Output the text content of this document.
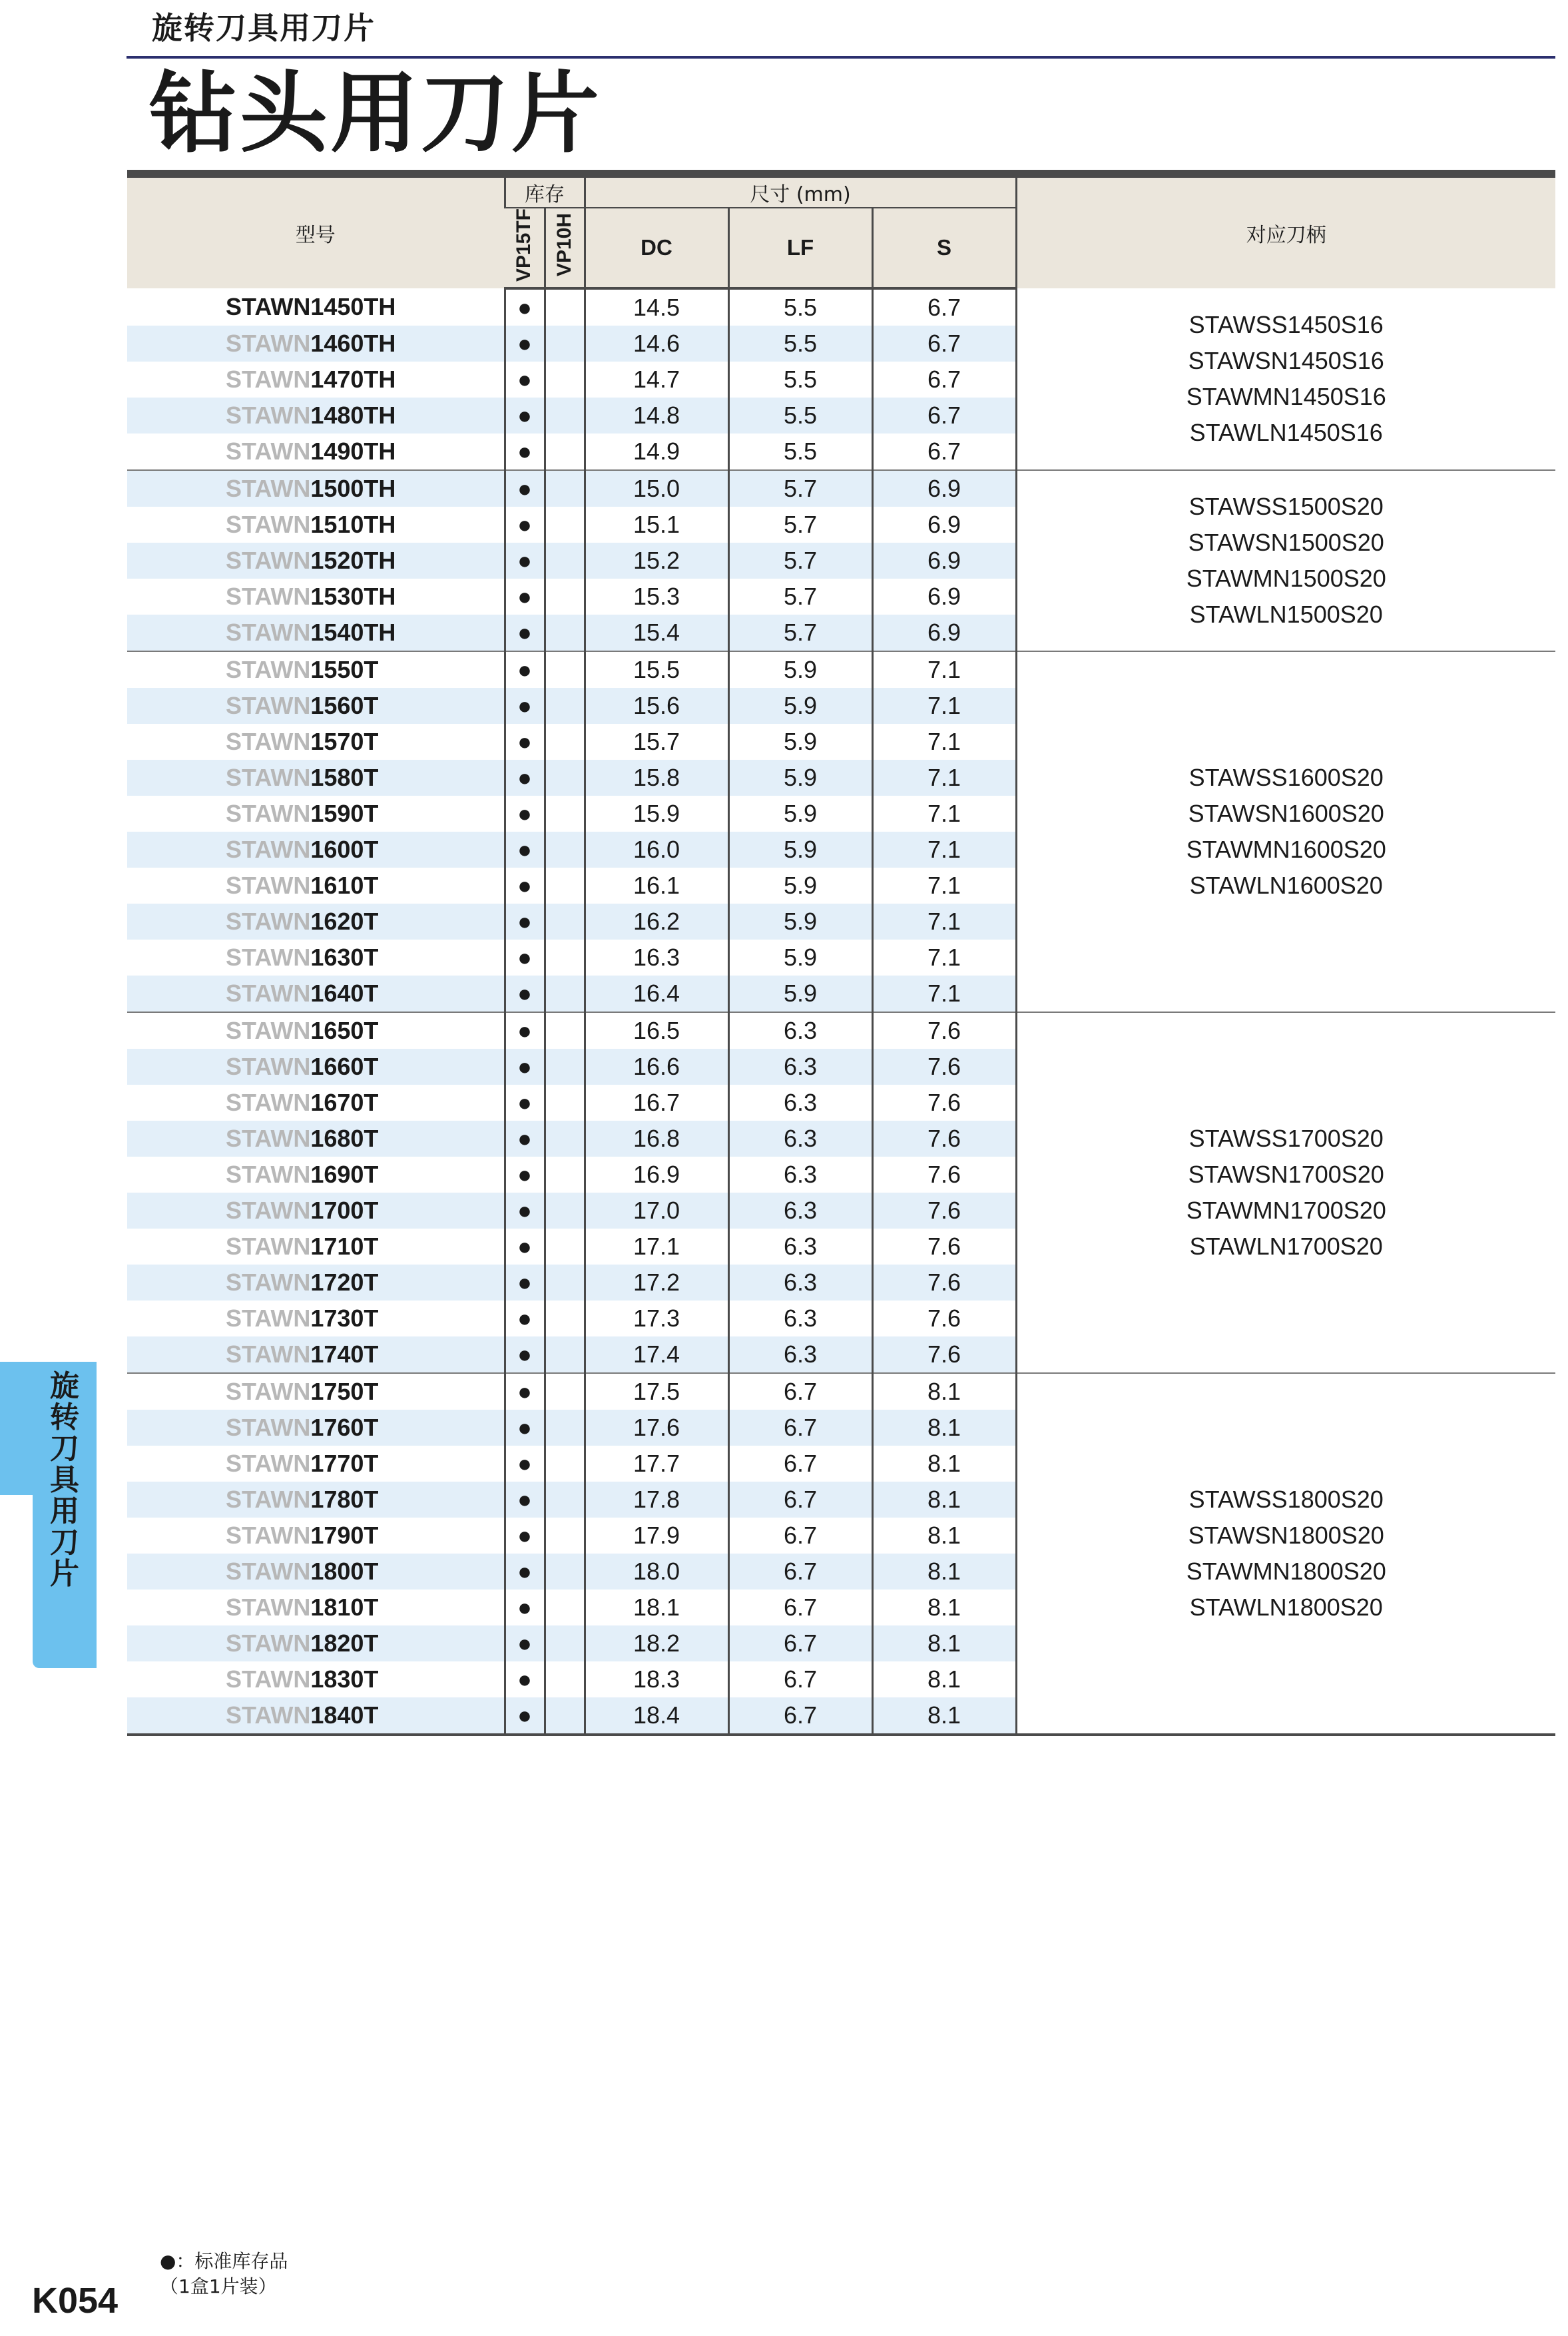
旋转刀具用刀片
钻头用刀片
型号	库存		尺寸 (mm)			对应刀柄
	VP15TF	VP10H	DC	LF	S	
STAWN1450TH	●		14.5	5.5	6.7	STAWSS1450S16
STAWSN1450S16
STAWMN1450S16
STAWLN1450S16

STAWN1460TH	●		14.6	5.5	6.7	
STAWN1470TH	●		14.7	5.5	6.7	
STAWN1480TH	●		14.8	5.5	6.7	
STAWN1490TH	●		14.9	5.5	6.7	
STAWN1500TH	●		15.0	5.7	6.9	STAWSS1500S20
STAWSN1500S20
STAWMN1500S20
STAWLN1500S20

STAWN1510TH	●		15.1	5.7	6.9	
STAWN1520TH	●		15.2	5.7	6.9	
STAWN1530TH	●		15.3	5.7	6.9	
STAWN1540TH	●		15.4	5.7	6.9	
STAWN1550T	●		15.5	5.9	7.1	STAWSS1600S20
STAWSN1600S20
STAWMN1600S20
STAWLN1600S20

STAWN1560T	●		15.6	5.9	7.1	
STAWN1570T	●		15.7	5.9	7.1	
STAWN1580T	●		15.8	5.9	7.1	
STAWN1590T	●		15.9	5.9	7.1	
STAWN1600T	●		16.0	5.9	7.1	
STAWN1610T	●		16.1	5.9	7.1	
STAWN1620T	●		16.2	5.9	7.1	
STAWN1630T	●		16.3	5.9	7.1	
STAWN1640T	●		16.4	5.9	7.1	
STAWN1650T	●		16.5	6.3	7.6	STAWSS1700S20
STAWSN1700S20
STAWMN1700S20
STAWLN1700S20

STAWN1660T	●		16.6	6.3	7.6	
STAWN1670T	●		16.7	6.3	7.6	
STAWN1680T	●		16.8	6.3	7.6	
STAWN1690T	●		16.9	6.3	7.6	
STAWN1700T	●		17.0	6.3	7.6	
STAWN1710T	●		17.1	6.3	7.6	
STAWN1720T	●		17.2	6.3	7.6	
STAWN1730T	●		17.3	6.3	7.6	
STAWN1740T	●		17.4	6.3	7.6	
STAWN1750T	●		17.5	6.7	8.1	STAWSS1800S20
STAWSN1800S20
STAWMN1800S20
STAWLN1800S20

STAWN1760T	●		17.6	6.7	8.1	
STAWN1770T	●		17.7	6.7	8.1	
STAWN1780T	●		17.8	6.7	8.1	
STAWN1790T	●		17.9	6.7	8.1	
STAWN1800T	●		18.0	6.7	8.1	
STAWN1810T	●		18.1	6.7	8.1	
STAWN1820T	●		18.2	6.7	8.1	
STAWN1830T	●		18.3	6.7	8.1	
STAWN1840T	●		18.4	6.7	8.1	
旋
转
刀
具
用
刀
片
●：标准库存品
（1盒1片装）
K054
